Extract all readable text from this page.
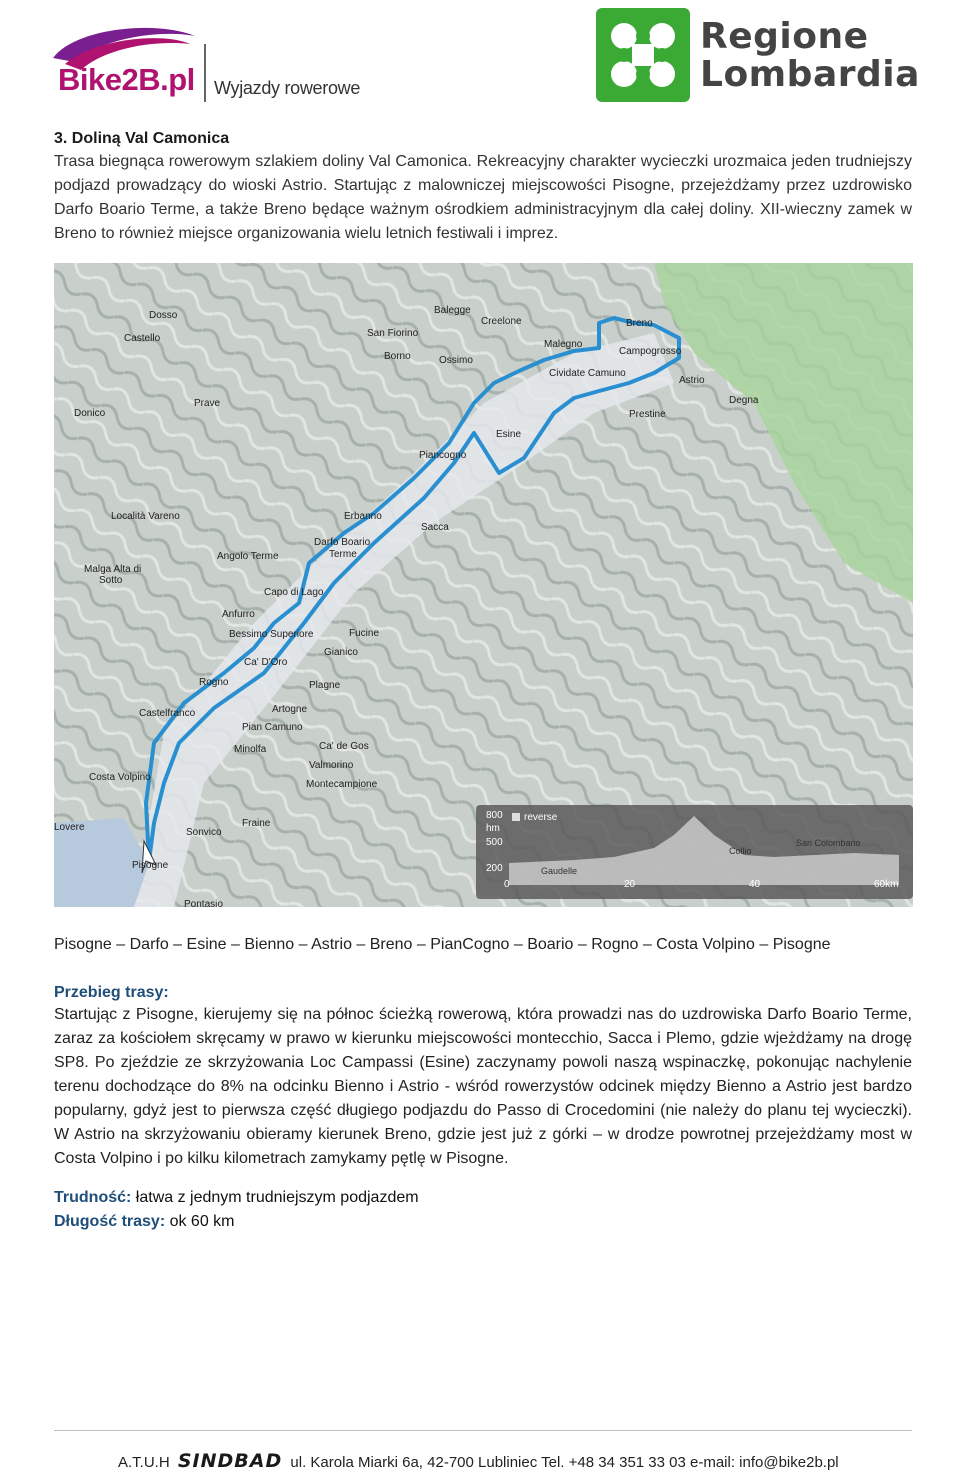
Bike2B.pl Wyjazdy rowerowe
Regione
Lombardia
3. Doliną Val Camonica

Trasa biegnąca rowerowym szlakiem doliny Val Camonica. Rekreacyjny charakter wycieczki urozmaica jeden trudniejszy podjazd prowadzący do wioski Astrio. Startując z malowniczej miejscowości Pisogne, przejeżdżamy przez uzdrowisko Darfo Boario Terme, a także Breno będące ważnym ośrodkiem administracyjnym dla całej doliny. XII-wieczny zamek w Breno to również miejsce organizowania wielu letnich festiwali i imprez.

Dosso
Castello
Balegge
Creelone
San Fiorino
Breno
Borno	Ossimo
Malegno
Cividate Camuno
Campogrosso
Astrio
Degna
Prestine
Prave
Donico
Esine
Piancogno
Località Vareno	Erbanno
Darfo Boario
Terme
Sacca
Angolo Terme
Malga Alta di
Sotto
Capo di Lago
Anfurro
Bessimo Superiore	Fucine
Gianico
Ca' D'Oro
Rogno	Plagne
Castelfranco	Artogne
Pian Camuno
Minolfa	Ca' de Gos
Valmorino
Montecampione
Costa Volpino
Lovere	Sonvico
Fraine
Pisogne
Pontasio
reverse
800
hm
500
200
0	20	40	60km
Collio
San Colombano
Gaudelle
Pisogne – Darfo – Esine – Bienno – Astrio – Breno – PianCogno – Boario – Rogno – Costa Volpino – Pisogne
Przebieg trasy:

Startując z Pisogne, kierujemy się na północ ścieżką rowerową, która prowadzi nas do uzdrowiska Darfo Boario Terme, zaraz za kościołem skręcamy w prawo w kierunku miejscowości montecchio, Sacca i Plemo, gdzie wjeżdżamy na drogę SP8. Po zjeździe ze skrzyżowania Loc Campassi (Esine) zaczynamy powoli naszą wspinaczkę, pokonując nachylenie terenu dochodzące do 8% na odcinku Bienno i Astrio - wśród rowerzystów odcinek między Bienno a Astrio jest bardzo popularny, gdyż jest to pierwsza część długiego podjazdu do Passo di Crocedomini (nie należy do planu tej wycieczki). W Astrio na skrzyżowaniu obieramy kierunek Breno, gdzie jest już z górki – w drodze powrotnej przejeżdżamy most w Costa Volpino i po kilku kilometrach zamykamy pętlę w Pisogne.

Trudność: łatwa z jednym trudniejszym podjazdem
Długość trasy: ok 60 km
A.T.U.H SINDBAD ul. Karola Miarki 6a, 42-700 Lubliniec Tel. +48 34 351 33 03 e-mail: info@bike2b.pl
